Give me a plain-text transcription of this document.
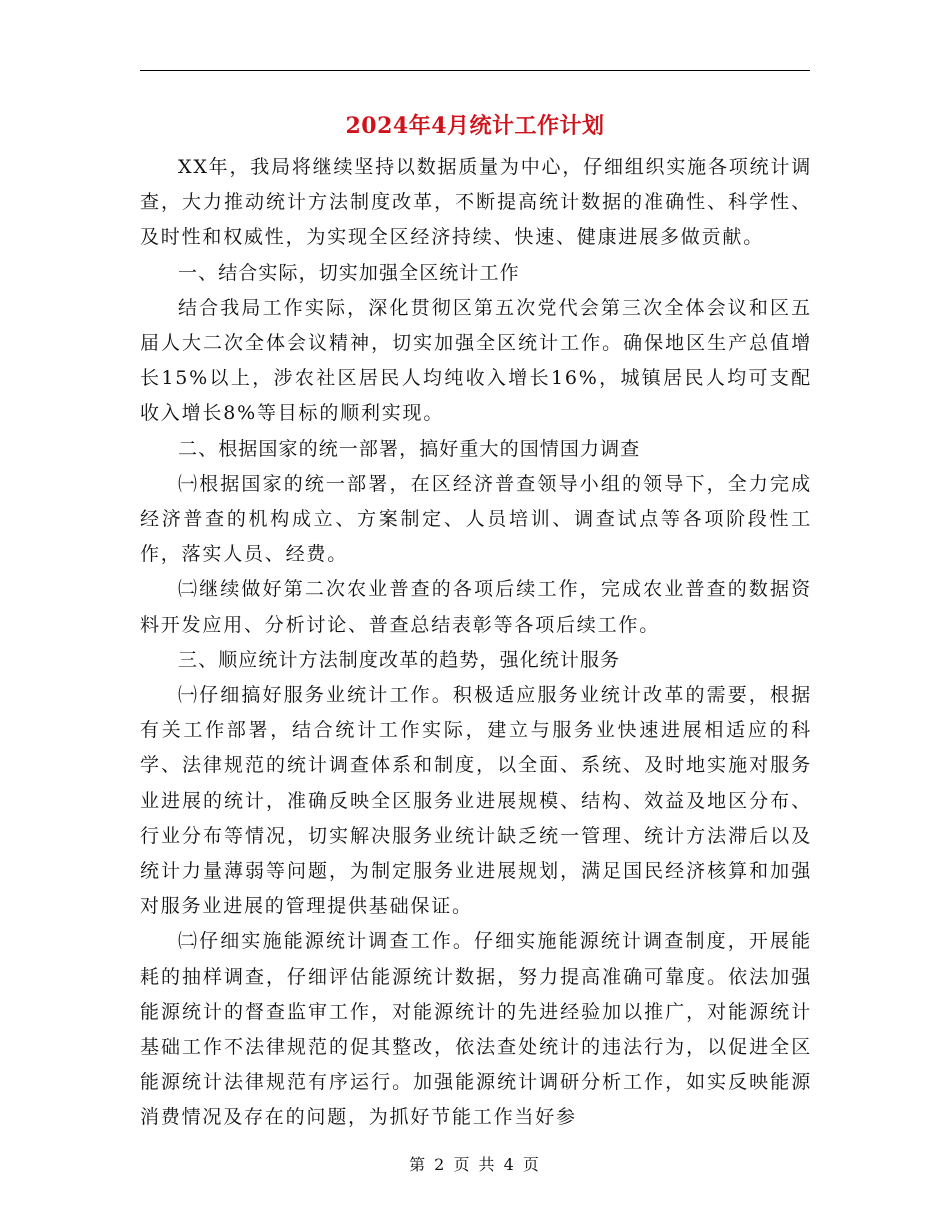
2024年4月统计工作计划

XX年，我局将继续坚持以数据质量为中心，仔细组织实施各项统计调查，大力推动统计方法制度改革，不断提高统计数据的准确性、科学性、及时性和权威性，为实现全区经济持续、快速、健康进展多做贡献。

一、结合实际，切实加强全区统计工作

结合我局工作实际，深化贯彻区第五次党代会第三次全体会议和区五届人大二次全体会议精神，切实加强全区统计工作。确保地区生产总值增长15%以上，涉农社区居民人均纯收入增长16%，城镇居民人均可支配收入增长8%等目标的顺利实现。

二、根据国家的统一部署，搞好重大的国情国力调查

㈠根据国家的统一部署，在区经济普查领导小组的领导下，全力完成经济普查的机构成立、方案制定、人员培训、调查试点等各项阶段性工作，落实人员、经费。

㈡继续做好第二次农业普查的各项后续工作，完成农业普查的数据资料开发应用、分析讨论、普查总结表彰等各项后续工作。

三、顺应统计方法制度改革的趋势，强化统计服务

㈠仔细搞好服务业统计工作。积极适应服务业统计改革的需要，根据有关工作部署，结合统计工作实际，建立与服务业快速进展相适应的科学、法律规范的统计调查体系和制度，以全面、系统、及时地实施对服务业进展的统计，准确反映全区服务业进展规模、结构、效益及地区分布、行业分布等情况，切实解决服务业统计缺乏统一管理、统计方法滞后以及统计力量薄弱等问题，为制定服务业进展规划，满足国民经济核算和加强对服务业进展的管理提供基础保证。

㈡仔细实施能源统计调查工作。仔细实施能源统计调查制度，开展能耗的抽样调查，仔细评估能源统计数据，努力提高准确可靠度。依法加强能源统计的督查监审工作，对能源统计的先进经验加以推广，对能源统计基础工作不法律规范的促其整改，依法查处统计的违法行为，以促进全区能源统计法律规范有序运行。加强能源统计调研分析工作，如实反映能源消费情况及存在的问题，为抓好节能工作当好参

第 2 页 共 4 页
